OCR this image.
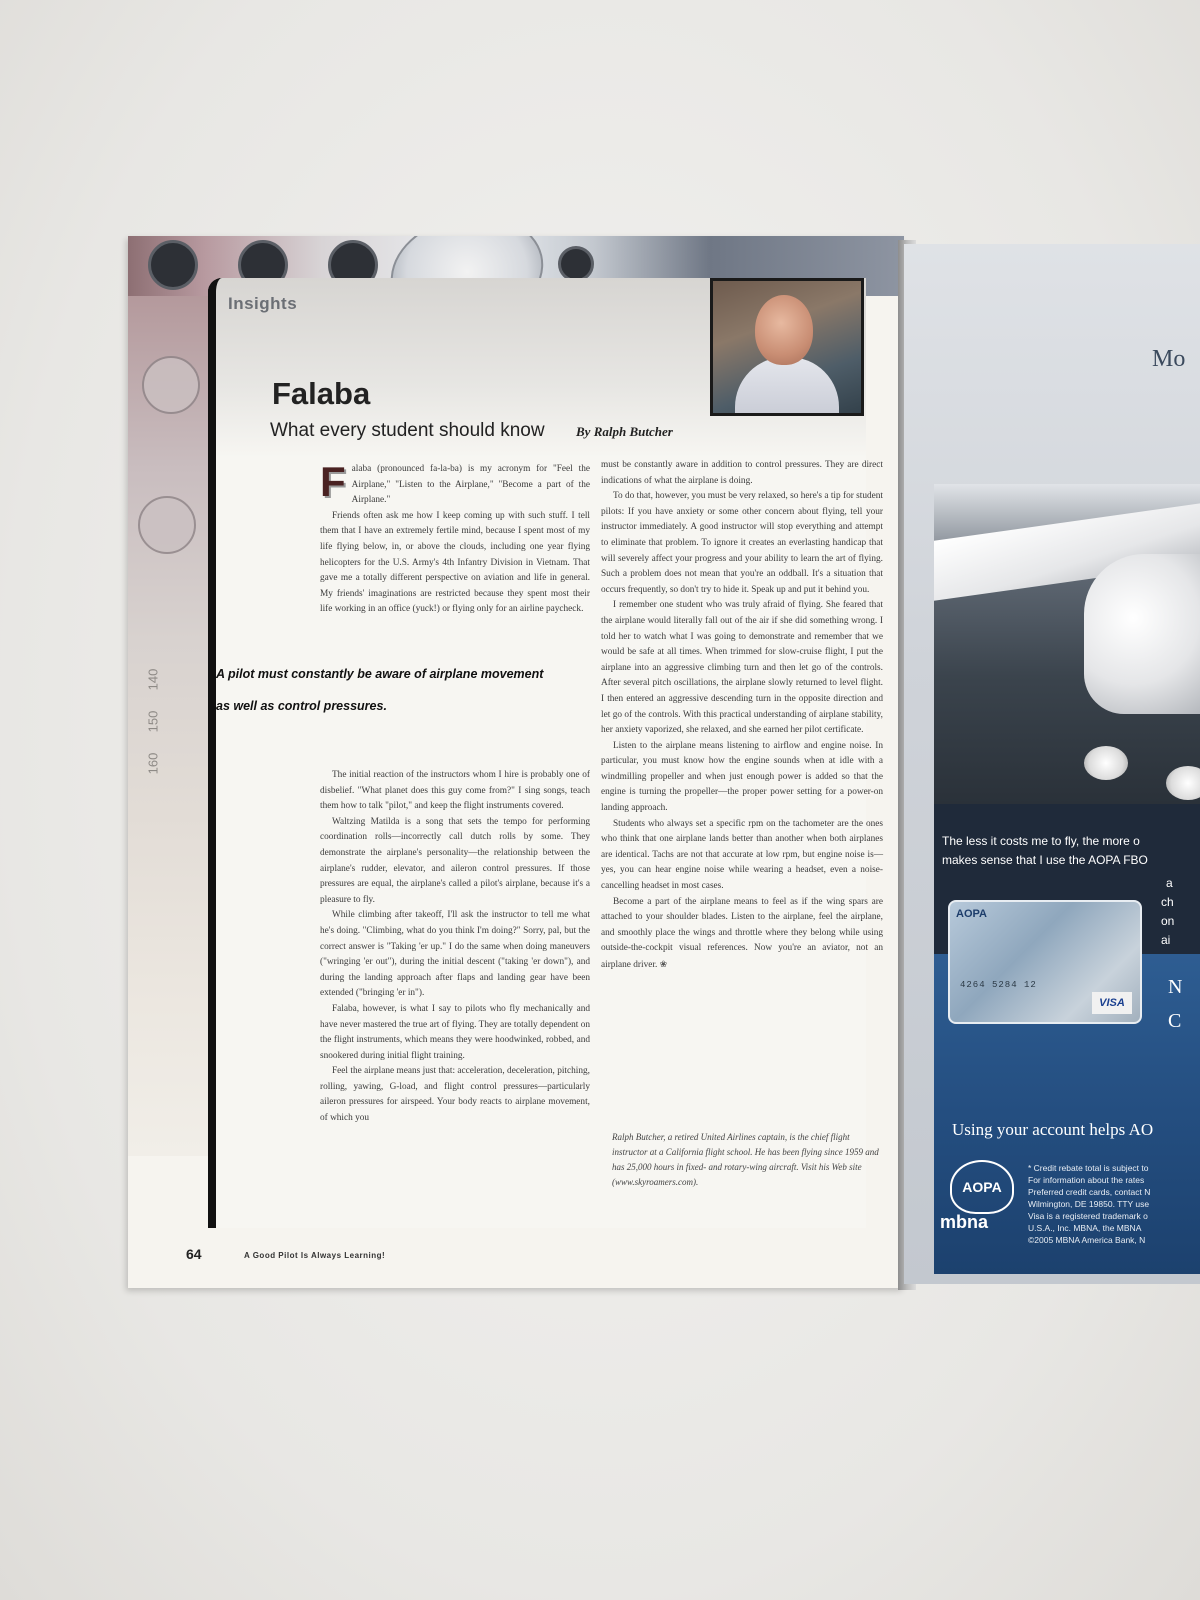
140
150
160
Insights
Falaba
What every student should know By Ralph Butcher
F alaba (pronounced fa-la-ba) is my acronym for "Feel the Airplane," "Listen to the Airplane," "Become a part of the Airplane."

Friends often ask me how I keep coming up with such stuff. I tell them that I have an extremely fertile mind, because I spent most of my life flying below, in, or above the clouds, including one year flying helicopters for the U.S. Army's 4th Infantry Division in Vietnam. That gave me a totally different perspective on aviation and life in general. My friends' imaginations are restricted because they spent most their life working in an office (yuck!) or flying only for an airline paycheck.

A pilot must constantly be aware of airplane movement as well as control pressures.

The initial reaction of the instructors whom I hire is probably one of disbelief. "What planet does this guy come from?" I sing songs, teach them how to talk "pilot," and keep the flight instruments covered.

Waltzing Matilda is a song that sets the tempo for performing coordination rolls—incorrectly call dutch rolls by some. They demonstrate the airplane's personality—the relationship between the airplane's rudder, elevator, and aileron control pressures. If those pressures are equal, the airplane's called a pilot's airplane, because it's a pleasure to fly.

While climbing after takeoff, I'll ask the instructor to tell me what he's doing. "Climbing, what do you think I'm doing?" Sorry, pal, but the correct answer is "Taking 'er up." I do the same when doing maneuvers ("wringing 'er out"), during the initial descent ("taking 'er down"), and during the landing approach after flaps and landing gear have been extended ("bringing 'er in").

Falaba, however, is what I say to pilots who fly mechanically and have never mastered the true art of flying. They are totally dependent on the flight instruments, which means they were hoodwinked, robbed, and snookered during initial flight training.

Feel the airplane means just that: acceleration, deceleration, pitching, rolling, yawing, G-load, and flight control pressures—particularly aileron pressures for airspeed. Your body reacts to airplane movement, of which you

must be constantly aware in addition to control pressures. They are direct indications of what the airplane is doing.

To do that, however, you must be very relaxed, so here's a tip for student pilots: If you have anxiety or some other concern about flying, tell your instructor immediately. A good instructor will stop everything and attempt to eliminate that problem. To ignore it creates an everlasting handicap that will severely affect your progress and your ability to learn the art of flying. Such a problem does not mean that you're an oddball. It's a situation that occurs frequently, so don't try to hide it. Speak up and put it behind you.

I remember one student who was truly afraid of flying. She feared that the airplane would literally fall out of the air if she did something wrong. I told her to watch what I was going to demonstrate and remember that we would be safe at all times. When trimmed for slow-cruise flight, I put the airplane into an aggressive climbing turn and then let go of the controls. After several pitch oscillations, the airplane slowly returned to level flight. I then entered an aggressive descending turn in the opposite direction and let go of the controls. With this practical understanding of airplane stability, her anxiety vaporized, she relaxed, and she earned her pilot certificate.

Listen to the airplane means listening to airflow and engine noise. In particular, you must know how the engine sounds when at idle with a windmilling propeller and when just enough power is added so that the engine is turning the propeller—the proper power setting for a power-on landing approach.

Students who always set a specific rpm on the tachometer are the ones who think that one airplane lands better than another when both airplanes are identical. Tachs are not that accurate at low rpm, but engine noise is—yes, you can hear engine noise while wearing a headset, even a noise-cancelling headset in most cases.

Become a part of the airplane means to feel as if the wing spars are attached to your shoulder blades. Listen to the airplane, feel the airplane, and smoothly place the wings and throttle where they belong while using outside-the-cockpit visual references. Now you're an aviator, not an airplane driver. ❀

Ralph Butcher, a retired United Airlines captain, is the chief flight instructor at a California flight school. He has been flying since 1959 and has 25,000 hours in fixed- and rotary-wing aircraft. Visit his Web site (www.skyroamers.com).
64	A Good Pilot Is Always Learning!
Mo
The less it costs me to fly, the more o
makes sense that I use the AOPA FBO
a
ch
on
ai
AOPA
4264 5284 12
VISA
N
C
Using your account helps AO
AOPA
mbna
* Credit rebate total is subject to
For information about the rates
Preferred credit cards, contact N
Wilmington, DE 19850. TTY use
Visa is a registered trademark o
U.S.A., Inc. MBNA, the MBNA
©2005 MBNA America Bank, N
